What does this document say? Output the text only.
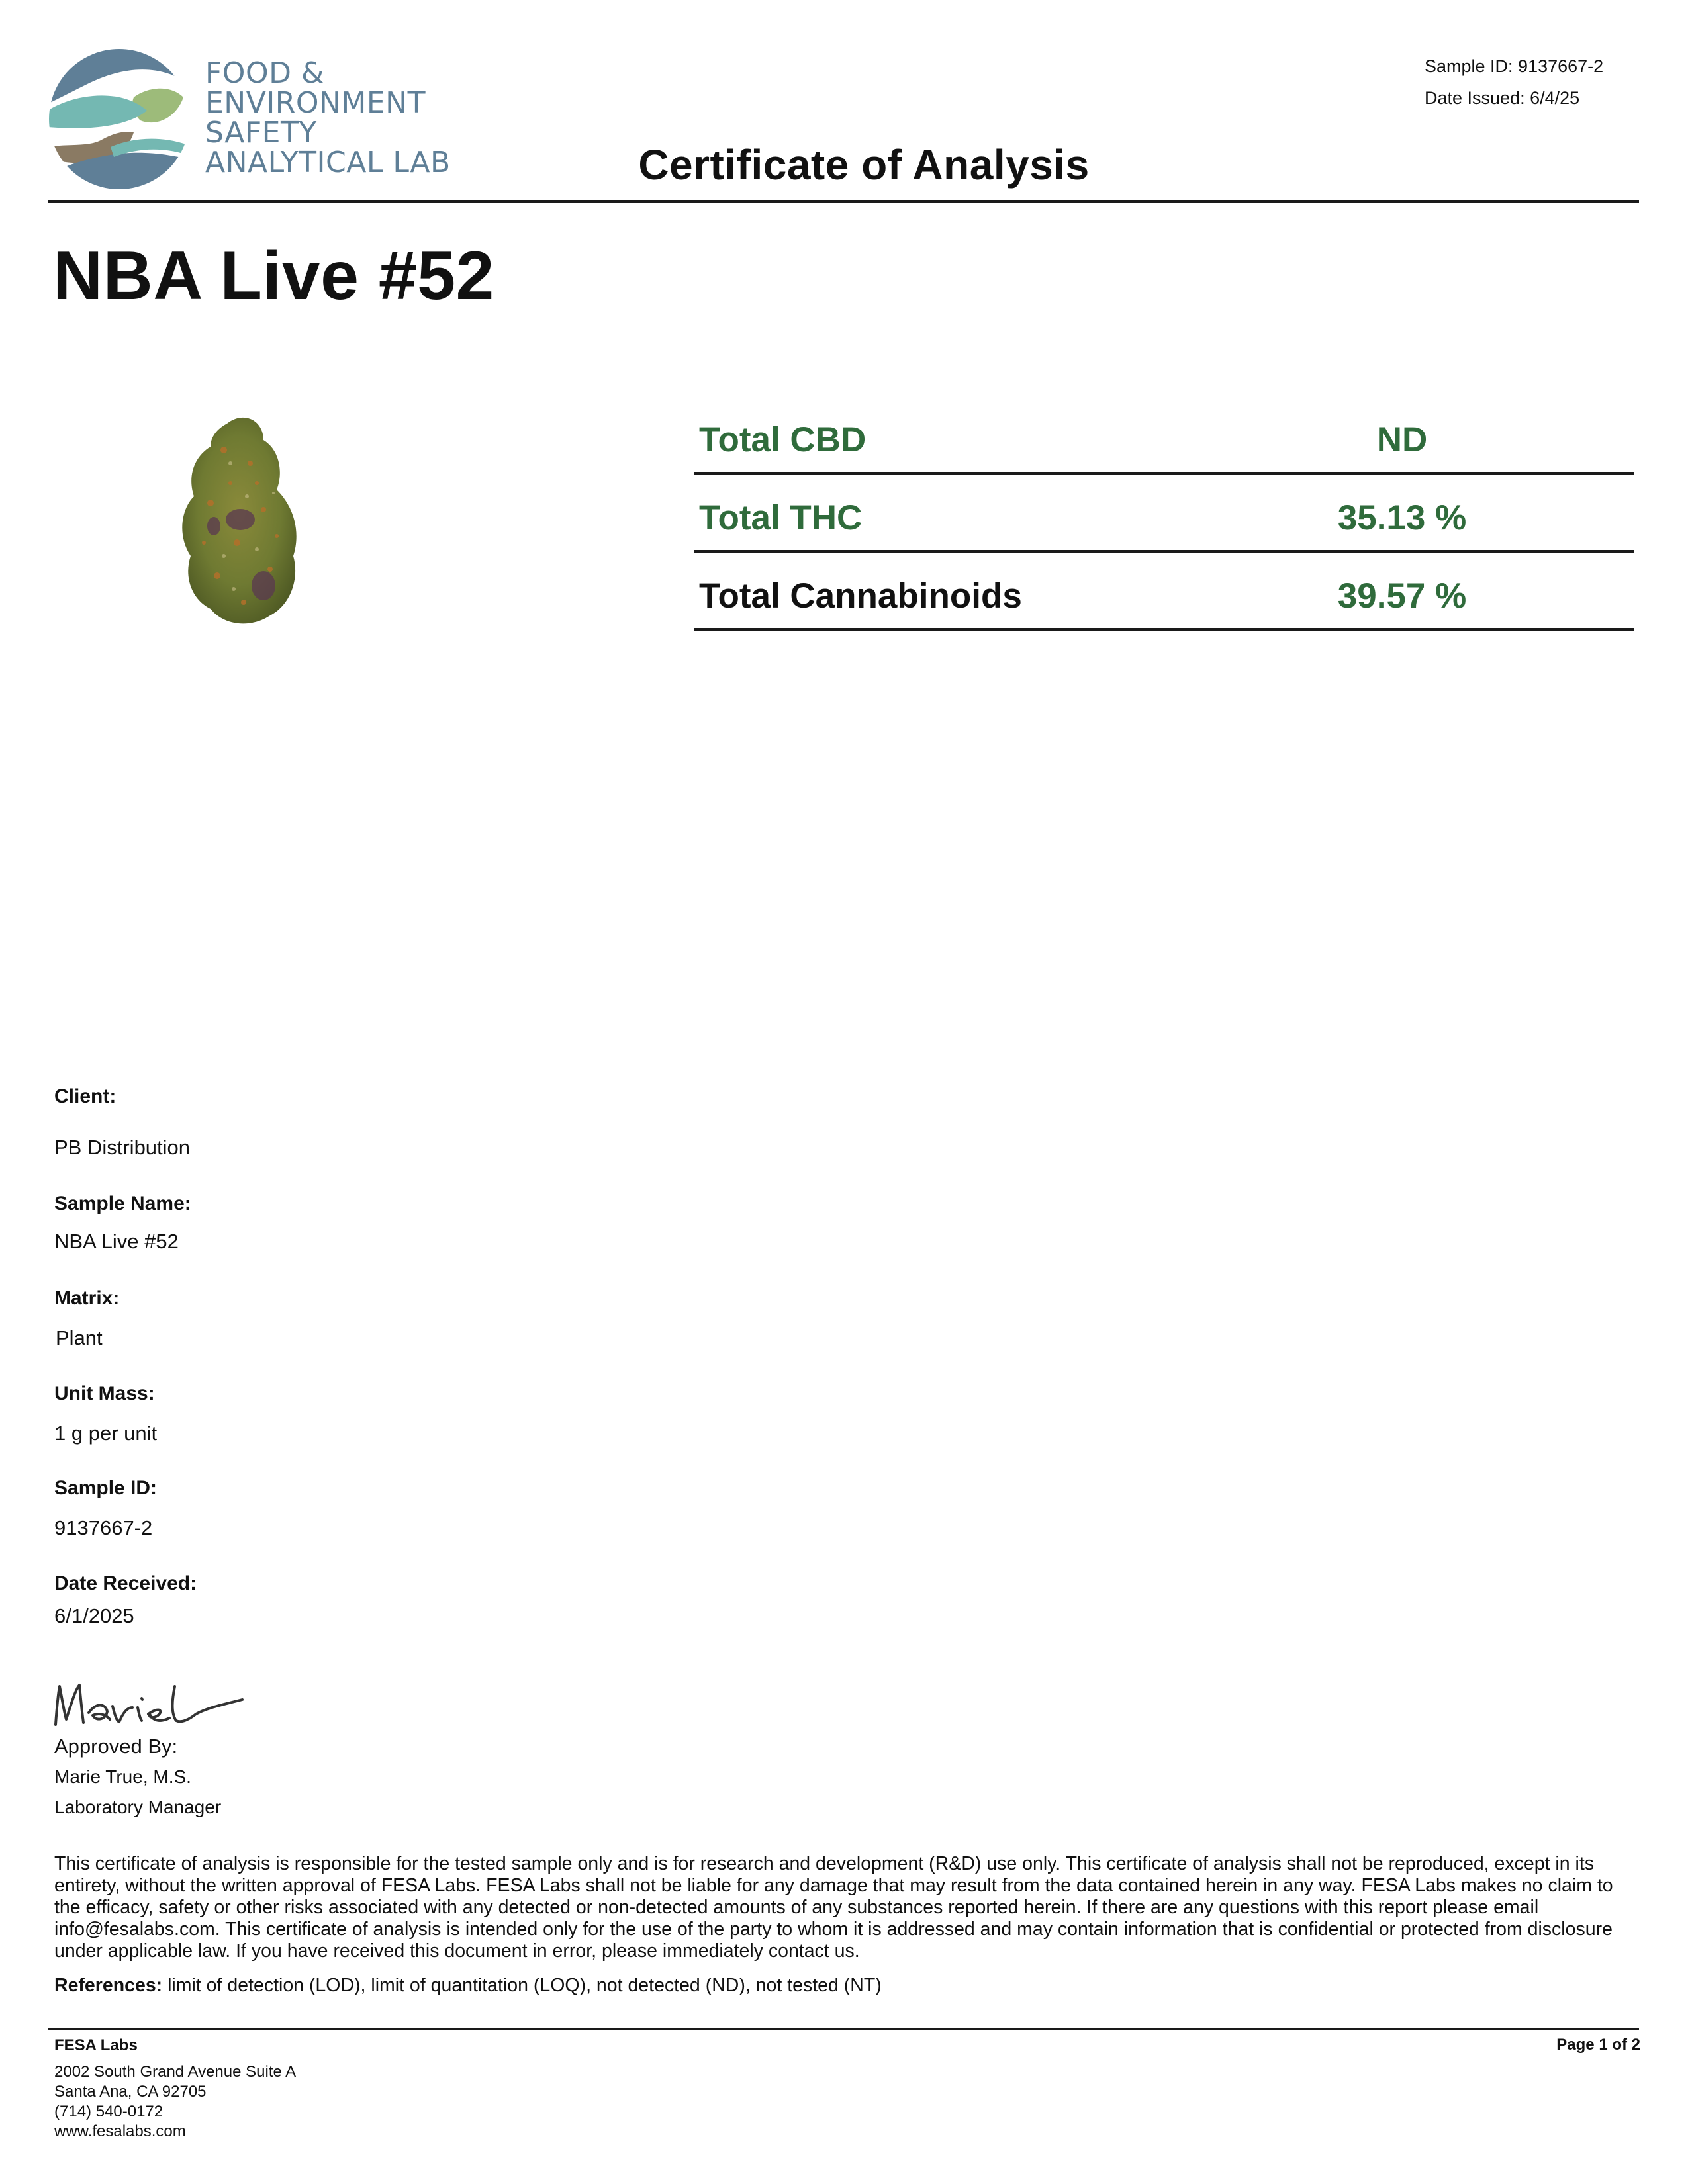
FOOD &
ENVIRONMENT
SAFETY
ANALYTICAL LAB
Sample ID: 9137667-2
Date Issued: 6/4/25
Certificate of Analysis
NBA Live #52
Total CBD	ND
Total THC	35.13 %
Total Cannabinoids	39.57 %
Client:
PB Distribution
Sample Name:
NBA Live #52
Matrix:
Plant
Unit Mass:
1 g per unit
Sample ID:
9137667-2
Date Received:
6/1/2025
Approved By:
Marie True, M.S.
Laboratory Manager
This certificate of analysis is responsible for the tested sample only and is for research and development (R&D) use only. This certificate of analysis shall not be reproduced, except in its entirety, without the written approval of FESA Labs. FESA Labs shall not be liable for any damage that may result from the data contained herein in any way. FESA Labs makes no claim to the efficacy, safety or other risks associated with any detected or non-detected amounts of any substances reported herein. If there are any questions with this report please email info@fesalabs.com. This certificate of analysis is intended only for the use of the party to whom it is addressed and may contain information that is confidential or protected from disclosure under applicable law. If you have received this document in error, please immediately contact us.
References: limit of detection (LOD), limit of quantitation (LOQ), not detected (ND), not tested (NT)
FESA Labs
2002 South Grand Avenue Suite A
Santa Ana, CA 92705
(714) 540-0172
www.fesalabs.com
Page 1 of 2
